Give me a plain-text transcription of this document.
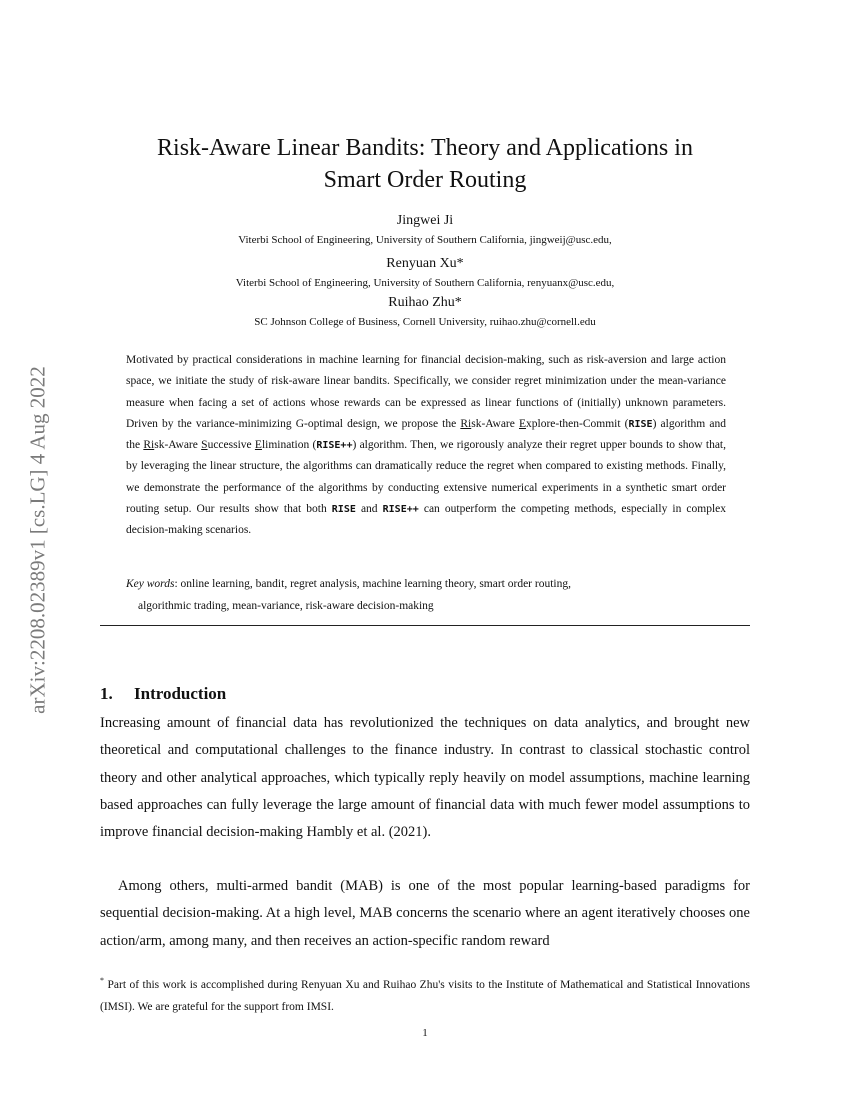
arXiv:2208.02389v1 [cs.LG] 4 Aug 2022
Risk-Aware Linear Bandits: Theory and Applications in
Smart Order Routing
Jingwei Ji
Viterbi School of Engineering, University of Southern California, jingweij@usc.edu,
Renyuan Xu*
Viterbi School of Engineering, University of Southern California, renyuanx@usc.edu,
Ruihao Zhu*
SC Johnson College of Business, Cornell University, ruihao.zhu@cornell.edu
Motivated by practical considerations in machine learning for financial decision-making, such as risk-aversion and large action space, we initiate the study of risk-aware linear bandits. Specifically, we consider regret minimization under the mean-variance measure when facing a set of actions whose rewards can be expressed as linear functions of (initially) unknown parameters. Driven by the variance-minimizing G-optimal design, we propose the Risk-Aware Explore-then-Commit (RISE) algorithm and the Risk-Aware Successive Elimination (RISE++) algorithm. Then, we rigorously analyze their regret upper bounds to show that, by leveraging the linear structure, the algorithms can dramatically reduce the regret when compared to existing methods. Finally, we demonstrate the performance of the algorithms by conducting extensive numerical experiments in a synthetic smart order routing setup. Our results show that both RISE and RISE++ can outperform the competing methods, especially in complex decision-making scenarios.
Key words: online learning, bandit, regret analysis, machine learning theory, smart order routing,
algorithmic trading, mean-variance, risk-aware decision-making
1. Introduction
Increasing amount of financial data has revolutionized the techniques on data analytics, and brought new theoretical and computational challenges to the finance industry. In contrast to classical stochastic control theory and other analytical approaches, which typically reply heavily on model assumptions, machine learning based approaches can fully leverage the large amount of financial data with much fewer model assumptions to improve financial decision-making Hambly et al. (2021).
Among others, multi-armed bandit (MAB) is one of the most popular learning-based paradigms for sequential decision-making. At a high level, MAB concerns the scenario where an agent iteratively chooses one action/arm, among many, and then receives an action-specific random reward
* Part of this work is accomplished during Renyuan Xu and Ruihao Zhu's visits to the Institute of Mathematical and Statistical Innovations (IMSI). We are grateful for the support from IMSI.
1
